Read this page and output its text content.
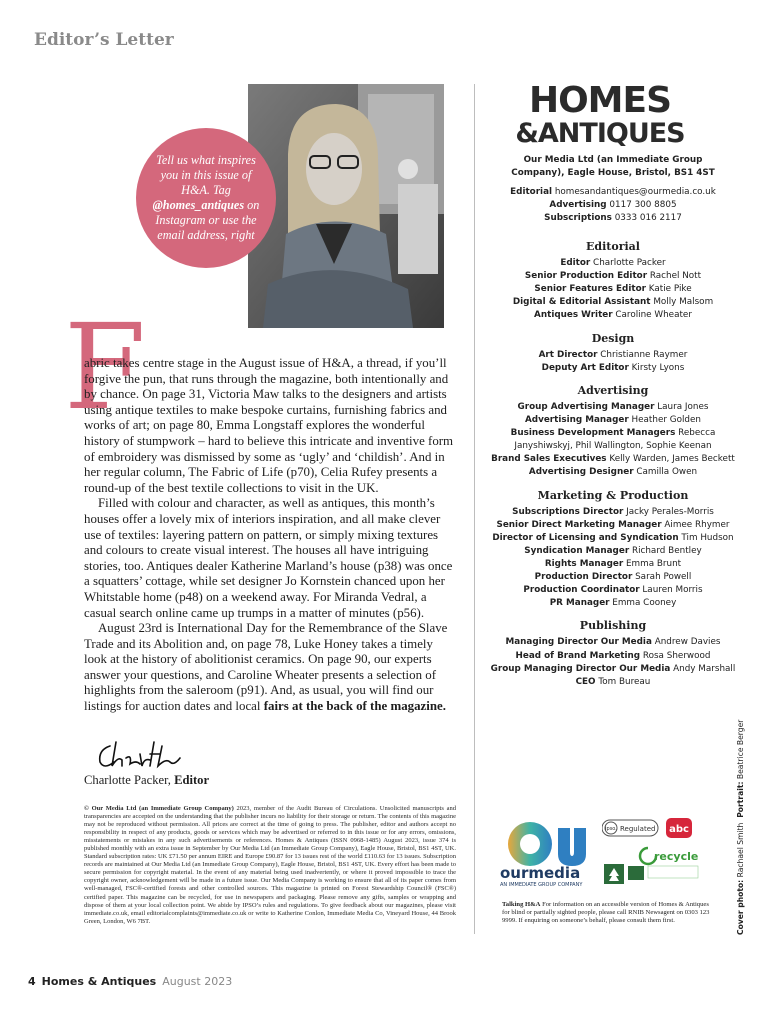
Editor’s Letter
Tell us what inspires you in this issue of H&A. Tag @homes_antiques on Instagram or use the email address, right
F

abric takes centre stage in the August issue of H&A, a thread, if you’ll forgive the pun, that runs through the magazine, both intentionally and by chance. On page 31, Victoria Maw talks to the designers and artists using antique textiles to make bespoke curtains, furnishing fabrics and works of art; on page 80, Emma Longstaff explores the wonderful history of stumpwork – hard to believe this intricate and inventive form of embroidery was dismissed by some as ‘ugly’ and ‘childish’. And in her regular column, The Fabric of Life (p70), Celia Rufey presents a round-up of the best textile collections to visit in the UK.

Filled with colour and character, as well as antiques, this month’s houses offer a lovely mix of interiors inspiration, and all make clever use of textiles: layering pattern on pattern, or simply mixing textures and colours to create visual interest. The houses all have intriguing stories, too. Antiques dealer Katherine Marland’s house (p38) was once a squatters’ cottage, while set designer Jo Kornstein chanced upon her Whitstable home (p48) on a weekend away. For Miranda Vedral, a casual search online came up trumps in a matter of minutes (p56).

August 23rd is International Day for the Remembrance of the Slave Trade and its Abolition and, on page 78, Luke Honey takes a timely look at the history of abolitionist ceramics. On page 90, our experts answer your questions, and Caroline Wheater presents a selection of highlights from the saleroom (p91). And, as usual, you will find our listings for auction dates and local fairs at the back of the magazine.

Charlotte Packer, Editor
© Our Media Ltd (an Immediate Group Company) 2023, member of the Audit Bureau of Circulations. Unsolicited manuscripts and transparencies are accepted on the understanding that the publisher incurs no liability for their storage or return. The contents of this magazine may not be reproduced without permission. All prices are correct at the time of going to press. The publisher, editor and authors accept no responsibility in respect of any products, goods or services which may be advertised or referred to in this issue or for any errors, omissions, misstatements or mistakes in any such advertisements or references. Homes & Antiques (ISSN 0968-1485) August 2023, issue 374 is published monthly with an extra issue in September by Our Media Ltd (an Immediate Group Company), Eagle House, Bristol, BS1 4ST, UK. Standard subscription rates: UK £71.50 per annum EIRE and Europe £90.87 for 13 issues rest of the world £110.63 for 13 issues. Subscription records are maintained at Our Media Ltd (an Immediate Group Company), Eagle House, Bristol, BS1 4ST, UK. Every effort has been made to secure permission for copyright material. In the event of any material being used inadvertently, or where it proved impossible to trace the copyright owner, acknowledgement will be made in a future issue. Our Media Company is working to ensure that all of its paper comes from well-managed, FSC®-certified forests and other controlled sources. This magazine is printed on Forest Stewardship Council® (FSC®) certified paper. This magazine can be recycled, for use in newspapers and packaging. Please remove any gifts, samples or wrapping and dispose of them at your local collection point. We abide by IPSO’s rules and regulations. To give feedback about our magazines, please visit immediate.co.uk, email editorialcomplaints@immediate.co.uk or write to Katherine Conlon, Immediate Media Co, Vineyard House, 44 Brook Green, London, W6 7BT.
HOMES
&ANTIQUES
Our Media Ltd (an Immediate Group Company), Eagle House, Bristol, BS1 4ST
Editorial homesandantiques@ourmedia.co.uk
Advertising 0117 300 8805
Subscriptions 0333 016 2117
Editorial
Editor Charlotte Packer
Senior Production Editor Rachel Nott
Senior Features Editor Katie Pike
Digital & Editorial Assistant Molly Malsom
Antiques Writer Caroline Wheater
Design
Art Director Christianne Raymer
Deputy Art Editor Kirsty Lyons
Advertising
Group Advertising Manager Laura Jones
Advertising Manager Heather Golden
Business Development Managers Rebecca Janyshiwskyj, Phil Wallington, Sophie Keenan
Brand Sales Executives Kelly Warden, James Beckett
Advertising Designer Camilla Owen
Marketing & Production
Subscriptions Director Jacky Perales-Morris
Senior Direct Marketing Manager Aimee Rhymer
Director of Licensing and Syndication Tim Hudson
Syndication Manager Richard Bentley
Rights Manager Emma Brunt
Production Director Sarah Powell
Production Coordinator Lauren Morris
PR Manager Emma Cooney
Publishing
Managing Director Our Media Andrew Davies
Head of Brand Marketing Rosa Sherwood
Group Managing Director Our Media Andy Marshall
CEO Tom Bureau
Cover photo: Rachael Smith  Portrait: Beatrice Berger
ourmedia
AN IMMEDIATE GROUP COMPANY
ipso. Regulated abc
recycle
Talking H&A For information on an accessible version of Homes & Antiques for blind or partially sighted people, please call RNIB Newsagent on 0303 123 9999. If enquiring on someone’s behalf, please consult them first.
4 Homes & Antiques August 2023
